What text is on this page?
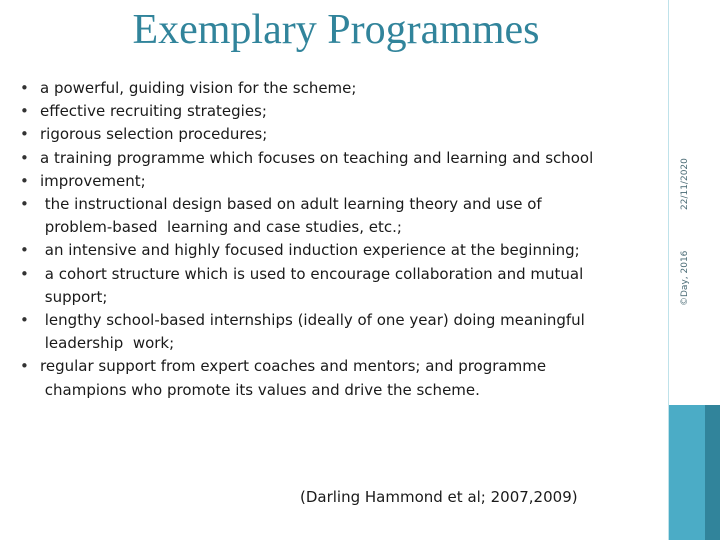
Exemplary Programmes
• a powerful, guiding vision for the scheme;
• effective recruiting strategies;
• rigorous selection procedures;
• a training programme which focuses on teaching and learning and school
• improvement;
•  the instructional design based on adult learning theory and use of
problem-based  learning and case studies, etc.;
•  an intensive and highly focused induction experience at the beginning;
•  a cohort structure which is used to encourage collaboration and mutual
support;
•  lengthy school-based internships (ideally of one year) doing meaningful
leadership  work;
• regular support from expert coaches and mentors; and programme
champions who promote its values and drive the scheme.
(Darling Hammond et al; 2007,2009)
22/11/2020
©Day, 2016
